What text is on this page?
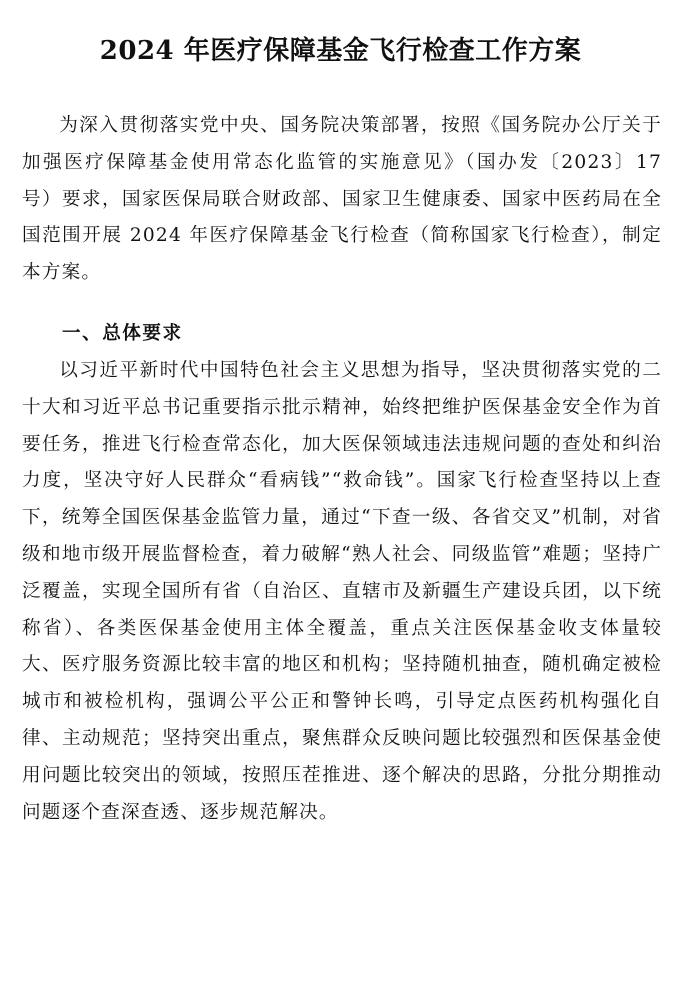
2024 年医疗保障基金飞行检查工作方案

为深入贯彻落实党中央、国务院决策部署，按照《国务院办公厅关于加强医疗保障基金使用常态化监管的实施意见》（国办发〔2023〕17 号）要求，国家医保局联合财政部、国家卫生健康委、国家中医药局在全国范围开展 2024 年医疗保障基金飞行检查（简称国家飞行检查），制定本方案。

一、总体要求

以习近平新时代中国特色社会主义思想为指导，坚决贯彻落实党的二十大和习近平总书记重要指示批示精神，始终把维护医保基金安全作为首要任务，推进飞行检查常态化，加大医保领域违法违规问题的查处和纠治力度，坚决守好人民群众“看病钱”“救命钱”。国家飞行检查坚持以上查下，统筹全国医保基金监管力量，通过“下查一级、各省交叉”机制，对省级和地市级开展监督检查，着力破解“熟人社会、同级监管”难题；坚持广泛覆盖，实现全国所有省（自治区、直辖市及新疆生产建设兵团，以下统称省）、各类医保基金使用主体全覆盖，重点关注医保基金收支体量较大、医疗服务资源比较丰富的地区和机构；坚持随机抽查，随机确定被检城市和被检机构，强调公平公正和警钟长鸣，引导定点医药机构强化自律、主动规范；坚持突出重点，聚焦群众反映问题比较强烈和医保基金使用问题比较突出的领域，按照压茬推进、逐个解决的思路，分批分期推动问题逐个查深查透、逐步规范解决。
